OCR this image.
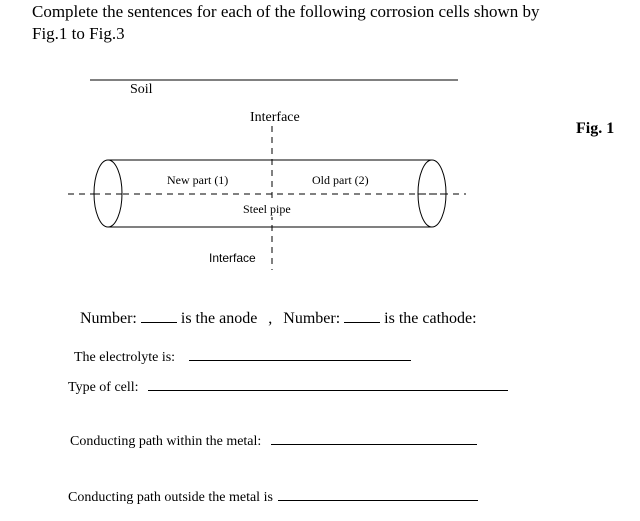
Complete the sentences for each of the following corrosion cells shown by
Fig.1 to Fig.3
Soil
Interface
Fig. 1
New part (1)	Old part (2)
Steel pipe
Interface
Number:	is the anode , Number:	is the cathode:
The electrolyte is:
Type of cell:
Conducting path within the metal:
Conducting path outside the metal is
